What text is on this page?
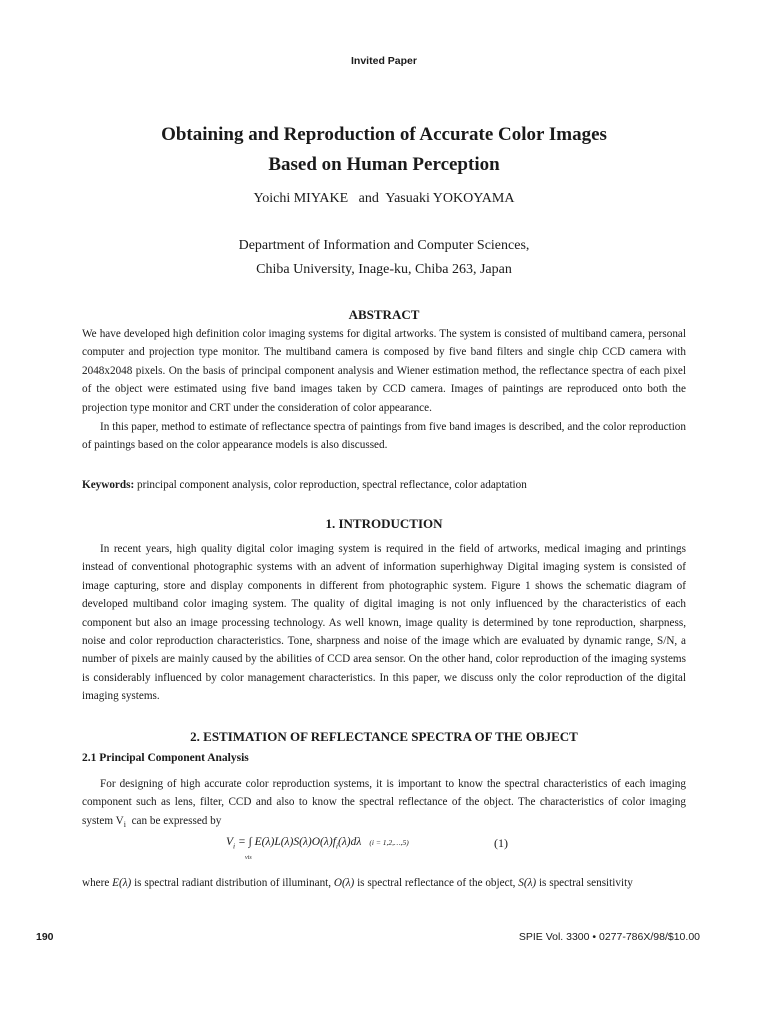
Invited Paper
Obtaining and Reproduction of Accurate Color Images
Based on Human Perception
Yoichi MIYAKE   and  Yasuaki YOKOYAMA
Department of Information and Computer Sciences,
Chiba University, Inage-ku, Chiba 263, Japan
ABSTRACT

We have developed high definition color imaging systems for digital artworks. The system is consisted of multiband camera, personal computer and projection type monitor. The multiband camera is composed by five band filters and single chip CCD camera with 2048x2048 pixels. On the basis of principal component analysis and Wiener estimation method, the reflectance spectra of each pixel of the object were estimated using five band images taken by CCD camera. Images of paintings are reproduced onto both the projection type monitor and CRT under the consideration of color appearance.

In this paper, method to estimate of reflectance spectra of paintings from five band images is described, and the color reproduction of paintings based on the color appearance models is also discussed.

Keywords: principal component analysis, color reproduction, spectral reflectance, color adaptation

1. INTRODUCTION

In recent years, high quality digital color imaging system is required in the field of artworks, medical imaging and printings instead of conventional photographic systems with an advent of information superhighway Digital imaging system is consisted of image capturing, store and display components in different from photographic system. Figure 1 shows the schematic diagram of developed multiband color imaging system. The quality of digital imaging is not only influenced by the characteristics of each component but also an image processing technology. As well known, image quality is determined by tone reproduction, sharpness, noise and color reproduction characteristics. Tone, sharpness and noise of the image which are evaluated by dynamic range, S/N, a number of pixels are mainly caused by the abilities of CCD area sensor. On the other hand, color reproduction of the imaging systems is considerably influenced by color management characteristics. In this paper, we discuss only the color reproduction of the digital imaging systems.

2. ESTIMATION OF REFLECTANCE SPECTRA OF THE OBJECT
2.1 Principal Component Analysis

For designing of high accurate color reproduction systems, it is important to know the spectral characteristics of each imaging component such as lens, filter, CCD and also to know the spectral reflectance of the object. The characteristics of color imaging system $V_i$  can be expressed by

$V_i$ = ∫ $E(\lambda)L(\lambda)S(\lambda)O(\lambda)f_i(\lambda)d\lambda$ (i = 1,2,…,5)
vis
(1)

where E(λ) is spectral radiant distribution of illuminant, O(λ) is spectral reflectance of the object, S(λ) is spectral sensitivity

190	SPIE Vol. 3300 • 0277-786X/98/$10.00
